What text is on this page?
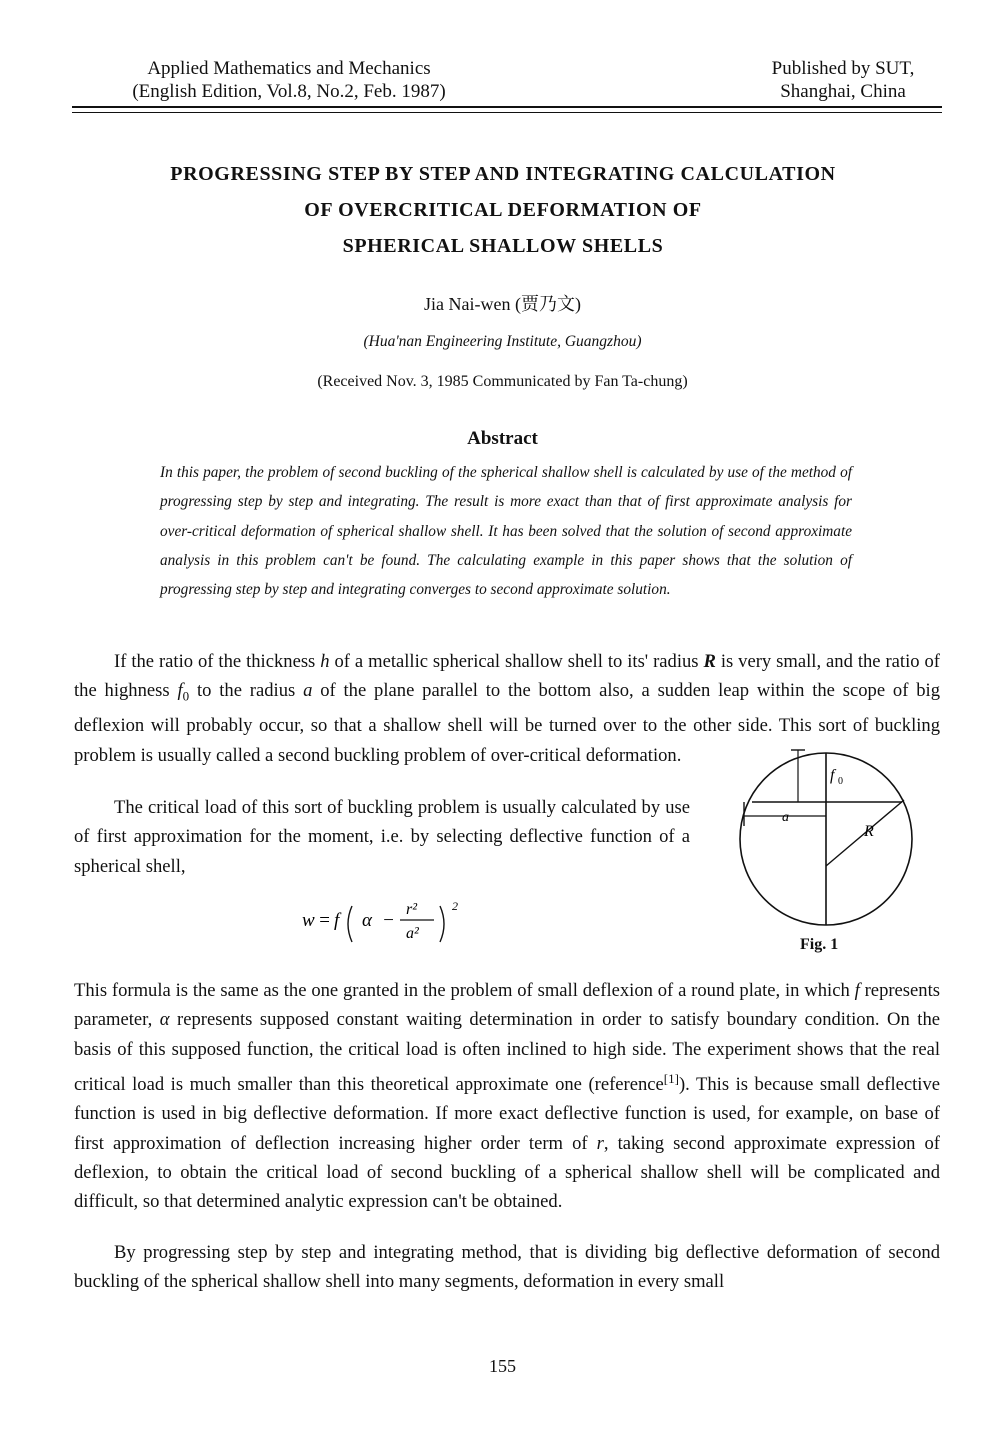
Applied Mathematics and Mechanics
(English Edition, Vol.8, No.2, Feb. 1987)
Published by SUT,
Shanghai, China
PROGRESSING STEP BY STEP AND INTEGRATING CALCULATION
OF OVERCRITICAL DEFORMATION OF
SPHERICAL SHALLOW SHELLS
Jia Nai-wen (贾乃文)
(Hua'nan Engineering Institute, Guangzhou)
(Received Nov. 3, 1985 Communicated by Fan Ta-chung)
Abstract
In this paper, the problem of second buckling of the spherical shallow shell is calculated by use of the method of progressing step by step and integrating. The result is more exact than that of first approximate analysis for over-critical deformation of spherical shallow shell. It has been solved that the solution of second approximate analysis in this problem can't be found. The calculating example in this paper shows that the solution of progressing step by step and integrating converges to second approximate solution.
If the ratio of the thickness h of a metallic spherical shallow shell to its' radius R is very small, and the ratio of the highness $f_0$ to the radius a of the plane parallel to the bottom also, a sudden leap within the scope of big deflexion will probably occur, so that a shallow shell will be turned over to the other side. This sort of buckling problem is usually called a second buckling problem of over-critical deformation.
The critical load of this sort of buckling problem is usually calculated by use of first approximation for the moment, i.e. by selecting deflective function of a spherical shell,
w = f α −
r²
a²
2
f 0
a
R
Fig. 1
This formula is the same as the one granted in the problem of small deflexion of a round plate, in which f represents parameter, α represents supposed constant waiting determination in order to satisfy boundary condition. On the basis of this supposed function, the critical load is often inclined to high side. The experiment shows that the real critical load is much smaller than this theoretical approximate one (reference[1]). This is because small deflective function is used in big deflective deformation. If more exact deflective function is used, for example, on base of first approximation of deflection increasing higher order term of r, taking second approximate expression of deflexion, to obtain the critical load of second buckling of a spherical shallow shell will be complicated and difficult, so that determined analytic expression can't be obtained.
By progressing step by step and integrating method, that is dividing big deflective deformation of second buckling of the spherical shallow shell into many segments, deformation in every small
155
